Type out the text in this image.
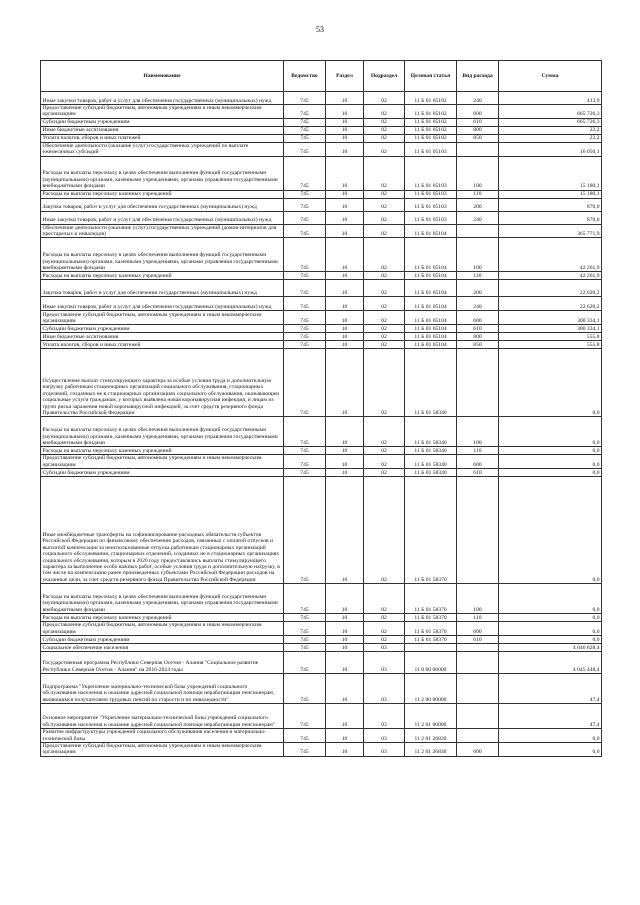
53
Наименование	Ведомство	Раздел	Подраздел	Целевая статья	Вид расхода	Сумма
Иные закупки товаров, работ и услуг для обеспечения государственных (муниципальных) нужд	745	10	02	11 Б 01 05102	240	413,9
Предоставление субсидий бюджетным, автономным учреждениям и иным некоммерческим организациям	745	10	02	11 Б 01 05102	600	665 726,3
Субсидии бюджетным учреждениям	745	10	02	11 Б 01 05102	610	665 726,3
Иные бюджетные ассигнования	745	10	02	11 Б 01 05102	800	22,2
Уплата налогов, сборов и иных платежей	745	10	02	11 Б 01 05102	850	22,2
Обеспечение деятельности (оказание услуг) государственных учреждений по выплате ежемесячных субсидий	745	10	02	11 Б 01 05103		16 050,1
Расходы на выплаты персоналу в целях обеспечения выполнения функций государственными (муниципальными) органами, казенными учреждениями, органами управления государственными внебюджетными фондами	745	10	02	11 Б 01 05103	100	15 180,1
Расходы на выплаты персоналу казенных учреждений	745	10	02	11 Б 01 05103	110	15 180,1
Закупка товаров, работ и услуг для обеспечения государственных (муниципальных) нужд	745	10	02	11 Б 01 05103	200	870,0
Иные закупки товаров, работ и услуг для обеспечения государственных (муниципальных) нужд	745	10	02	11 Б 01 05103	240	870,0
Обеспечение деятельности (оказание услуг) государственных учреждений (домов-интернатов для престарелых и инвалидов)	745	10	02	11 Б 01 05104		365 771,9
Расходы на выплаты персоналу в целях обеспечения выполнения функций государственными (муниципальными) органами, казенными учреждениями, органами управления государственными внебюджетными фондами	745	10	02	11 Б 01 05104	100	42 261,9
Расходы на выплаты персоналу казенных учреждений	745	10	02	11 Б 01 05104	110	42 261,9
Закупка товаров, работ и услуг для обеспечения государственных (муниципальных) нужд	745	10	02	11 Б 01 05104	200	22 620,2
Иные закупки товаров, работ и услуг для обеспечения государственных (муниципальных) нужд	745	10	02	11 Б 01 05104	240	22 620,2
Предоставление субсидий бюджетным, автономным учреждениям и иным некоммерческим организациям	745	10	02	11 Б 01 05104	600	300 334,1
Субсидии бюджетным учреждениям	745	10	02	11 Б 01 05104	610	300 334,1
Иные бюджетные ассигнования	745	10	02	11 Б 01 05104	800	555,8
Уплата налогов, сборов и иных платежей	745	10	02	11 Б 01 05104	850	555,8
Осуществление выплат стимулирующего характера за особые условия труда и дополнительную нагрузку работникам стационарных организаций социального обслуживания, стационарных отделений, созданных не в стационарных организациях социального обслуживания, оказывающим социальные услуги гражданам, у которых выявлена новая коронавирусная инфекция, и лицам из групп риска заражения новой коронавирусной инфекцией, за счет средств резервного фонда Правительства Российской Федерации	745	10	02	11 Б 01 58340		0,0
Расходы на выплаты персоналу в целях обеспечения выполнения функций государственными (муниципальными) органами, казенными учреждениями, органами управления государственными внебюджетными фондами	745	10	02	11 Б 01 58340	100	0,0
Расходы на выплаты персоналу казенных учреждений	745	10	02	11 Б 01 58340	110	0,0
Предоставление субсидий бюджетным, автономным учреждениям и иным некоммерческим организациям	745	10	02	11 Б 01 58340	600	0,0
Субсидии бюджетным учреждениям	745	10	02	11 Б 01 58340	610	0,0
Иные межбюджетные трансферты на софинансирование расходных обязательств субъектов Российской Федерации по финансовому обеспечению расходов, связанных с оплатой отпусков и выплатой компенсации за неиспользованные отпуска работникам стационарных организаций социального обслуживания, стационарных отделений, созданных не в стационарных организациях социального обслуживания, которым в 2020 году предоставлялись выплаты стимулирующего характера за выполнение особо важных работ, особые условия труда и дополнительную нагрузку, в том числе на компенсацию ранее произведенных субъектами Российской Федерации расходов на указанные цели, за счет средств резервного фонда Правительства Российской Федерации	745	10	02	11 Б 01 58370		0,0
Расходы на выплаты персоналу в целях обеспечения выполнения функций государственными (муниципальными) органами, казенными учреждениями, органами управления государственными внебюджетными фондами	745	10	02	11 Б 01 58370	100	0,0
Расходы на выплаты персоналу казенных учреждений	745	10	02	11 Б 01 58370	110	0,0
Предоставление субсидий бюджетным, автономным учреждениям и иным некоммерческим организациям	745	10	02	11 Б 01 58370	600	0,0
Субсидии бюджетным учреждениям	745	10	02	11 Б 01 58370	610	0,0
Социальное обеспечение населения	745	10	03			4 046 828,4
Государственная программа Республики Северная Осетия - Алания "Социальное развитие Республики Северная Осетия - Алания" на 2016-2024 годы	745	10	03	11 0 00 00000		4 045 448,4
Подпрограмма "Укрепление материально-технической базы учреждений социального обслуживания населения и оказание адресной социальной помощи неработающим пенсионерам, являющимся получателями трудовых пенсий по старости и по инвалидности"	745	10	03	11 2 00 00000		47,4
Основное мероприятие "Укрепление материально-технической базы учреждений социального обслуживания населения и оказание адресной социальной помощи неработающим пенсионерам"	745	10	03	11 2 01 00000		47,4
Развитие инфраструктуры учреждений социального обслуживания населения и материально-технической базы	745	10	03	11 2 01 26830		0,0
Предоставление субсидий бюджетным, автономным учреждениям и иным некоммерческим организациям	745	10	03	11 2 01 26830	600	0,0
